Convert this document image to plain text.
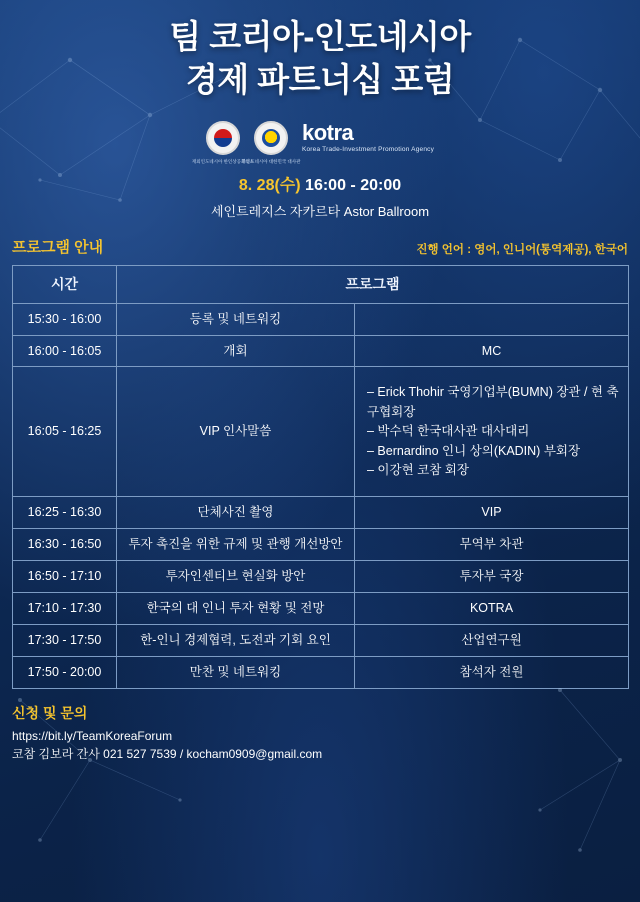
팀 코리아-인도네시아
경제 파트너십 포럼
재외인도네시아 한인상공회의소
주인도네시아 대한민국 대사관
kotra
Korea Trade-Investment Promotion Agency
8. 28(수) 16:00 - 20:00
세인트레지스 자카르타 Astor Ballroom
프로그램 안내	진행 언어 : 영어, 인니어(통역제공), 한국어
시간	프로그램	
15:30 - 16:00	등록 및 네트워킹	
16:00 - 16:05	개회	MC
16:05 - 16:25	VIP 인사말씀	– Erick Thohir 국영기업부(BUMN) 장관 / 현 축구협회장
– 박수덕 한국대사관 대사대리
– Bernardino 인니 상의(KADIN) 부회장
– 이강현 코참 회장

16:25 - 16:30	단체사진 촬영	VIP
16:30 - 16:50	투자 촉진을 위한 규제 및 관행 개선방안	무역부 차관
16:50 - 17:10	투자인센티브 현실화 방안	투자부 국장
17:10 - 17:30	한국의 대 인니 투자 현황 및 전망	KOTRA
17:30 - 17:50	한-인니 경제협력, 도전과 기회 요인	산업연구원
17:50 - 20:00	만찬 및 네트워킹	참석자 전원
신청 및 문의
https://bit.ly/TeamKoreaForum
코참 김보라 간사 021 527 7539 / kocham0909@gmail.com
